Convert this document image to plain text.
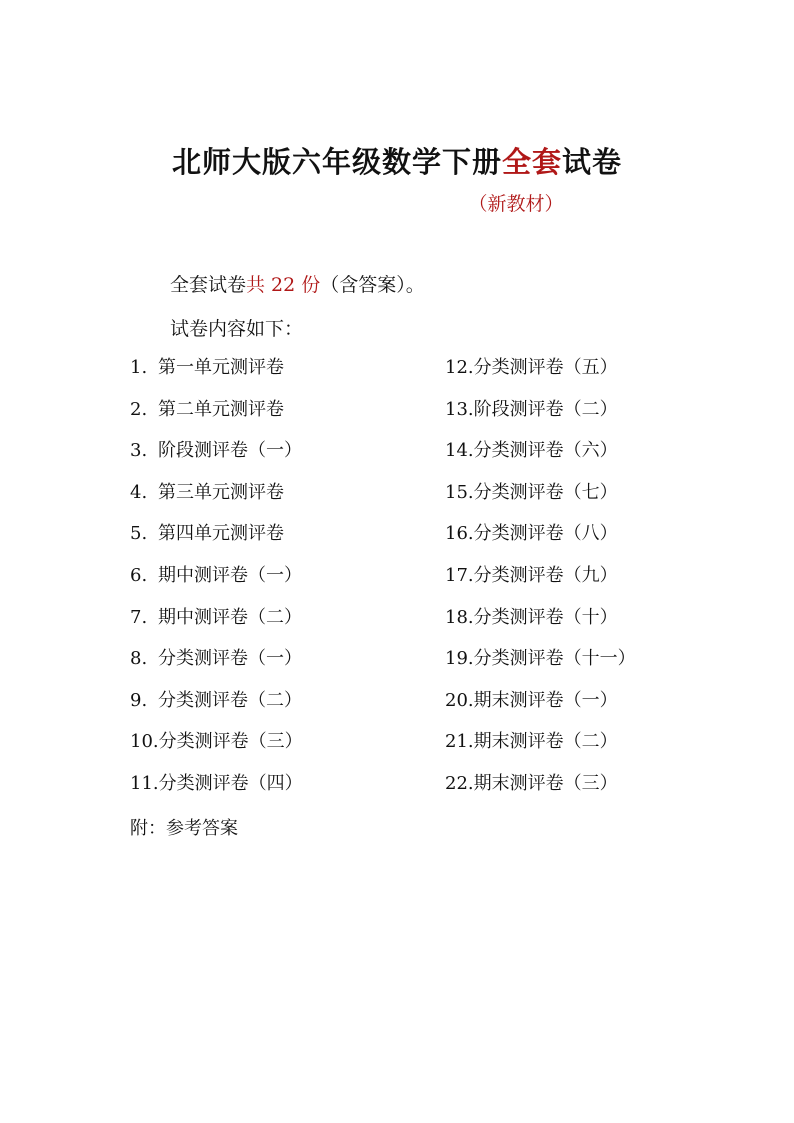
北师大版六年级数学下册全套试卷
（新教材）
全套试卷共 22 份（含答案）。
试卷内容如下：
1. 第一单元测评卷
2. 第二单元测评卷
3. 阶段测评卷（一）
4. 第三单元测评卷
5. 第四单元测评卷
6. 期中测评卷（一）
7. 期中测评卷（二）
8. 分类测评卷（一）
9. 分类测评卷（二）
10.分类测评卷（三）
11.分类测评卷（四）
12.分类测评卷（五）
13.阶段测评卷（二）
14.分类测评卷（六）
15.分类测评卷（七）
16.分类测评卷（八）
17.分类测评卷（九）
18.分类测评卷（十）
19.分类测评卷（十一）
20.期末测评卷（一）
21.期末测评卷（二）
22.期末测评卷（三）
附：参考答案
